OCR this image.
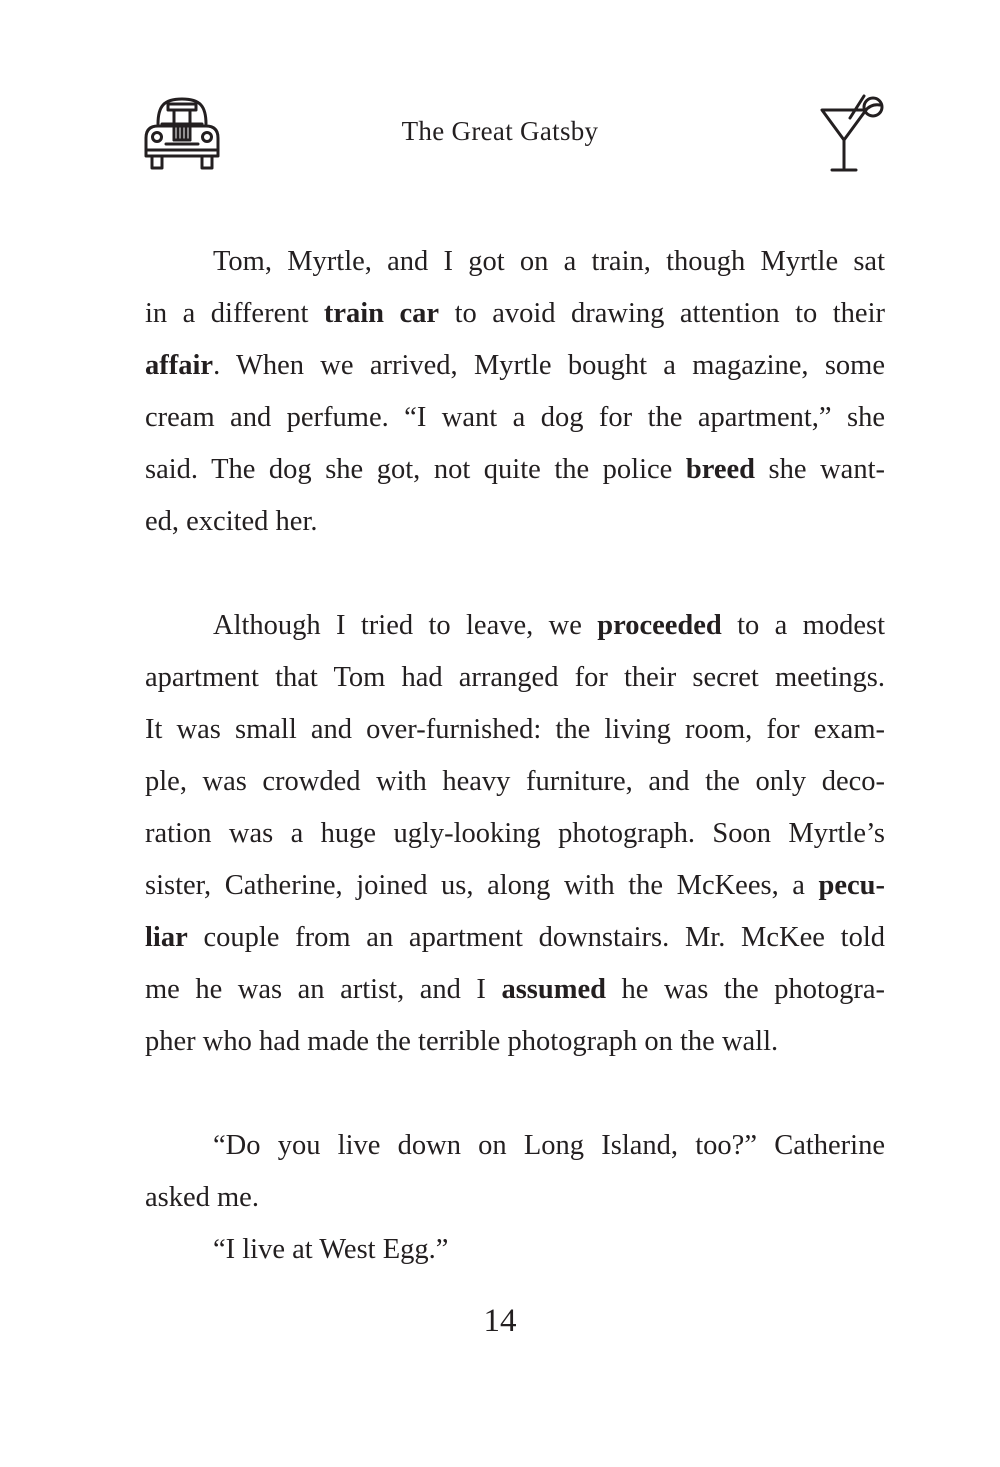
The Great Gatsby
Tom, Myrtle, and I got on a train, though Myrtle sat
in a different train car to avoid drawing attention to their
affair. When we arrived, Myrtle bought a magazine, some
cream and perfume. “I want a dog for the apartment,” she
said. The dog she got, not quite the police breed she want-
ed, excited her.
Although I tried to leave, we proceeded to a modest
apartment that Tom had arranged for their secret meetings.
It was small and over-furnished: the living room, for exam-
ple, was crowded with heavy furniture, and the only deco-
ration was a huge ugly-looking photograph. Soon Myrtle’s
sister, Catherine, joined us, along with the McKees, a pecu-
liar couple from an apartment downstairs. Mr. McKee told
me he was an artist, and I assumed he was the photogra-
pher who had made the terrible photograph on the wall.
“Do you live down on Long Island, too?” Catherine
asked me.
“I live at West Egg.”
14
